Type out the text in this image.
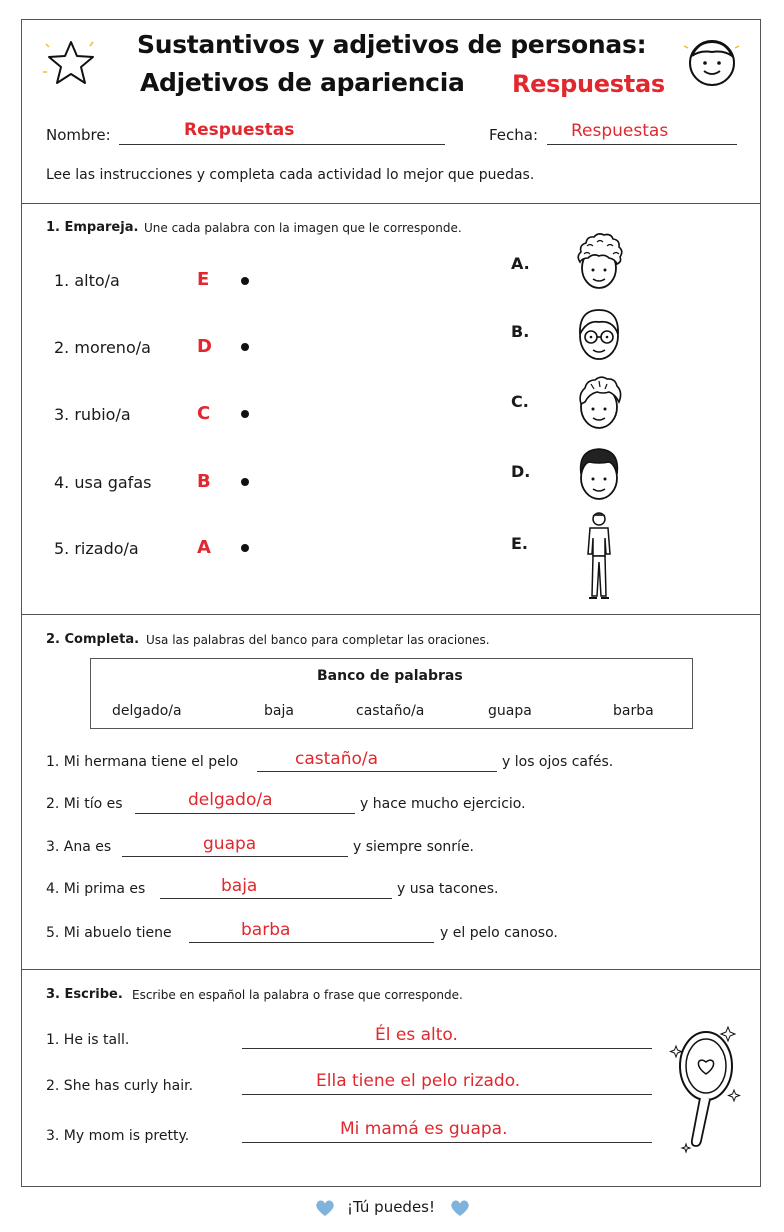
Sustantivos y adjetivos de personas:
Adjetivos de apariencia Respuestas
Nombre:	Respuestas	Fecha: Respuestas
Lee las instrucciones y completa cada actividad lo mejor que puedas.
1. Empareja. Une cada palabra con la imagen que le corresponde.
1. alto/a	E
2. moreno/a	D
3. rubio/a	C
4. usa gafas	B
5. rizado/a	A
A.
B.
C.
D.
E.
2. Completa. Usa las palabras del banco para completar las oraciones.
Banco de palabras
delgado/a	baja	castaño/a	guapa	barba
1. Mi hermana tiene el pelo	castaño/a	y los ojos cafés.
2. Mi tío es	delgado/a	y hace mucho ejercicio.
3. Ana es	guapa	y siempre sonríe.
4. Mi prima es	baja	y usa tacones.
5. Mi abuelo tiene	barba	y el pelo canoso.
3. Escribe. Escribe en español la palabra o frase que corresponde.
1. He is tall.	Él es alto.
2. She has curly hair.	Ella tiene el pelo rizado.
3. My mom is pretty.	Mi mamá es guapa.
¡Tú puedes!
